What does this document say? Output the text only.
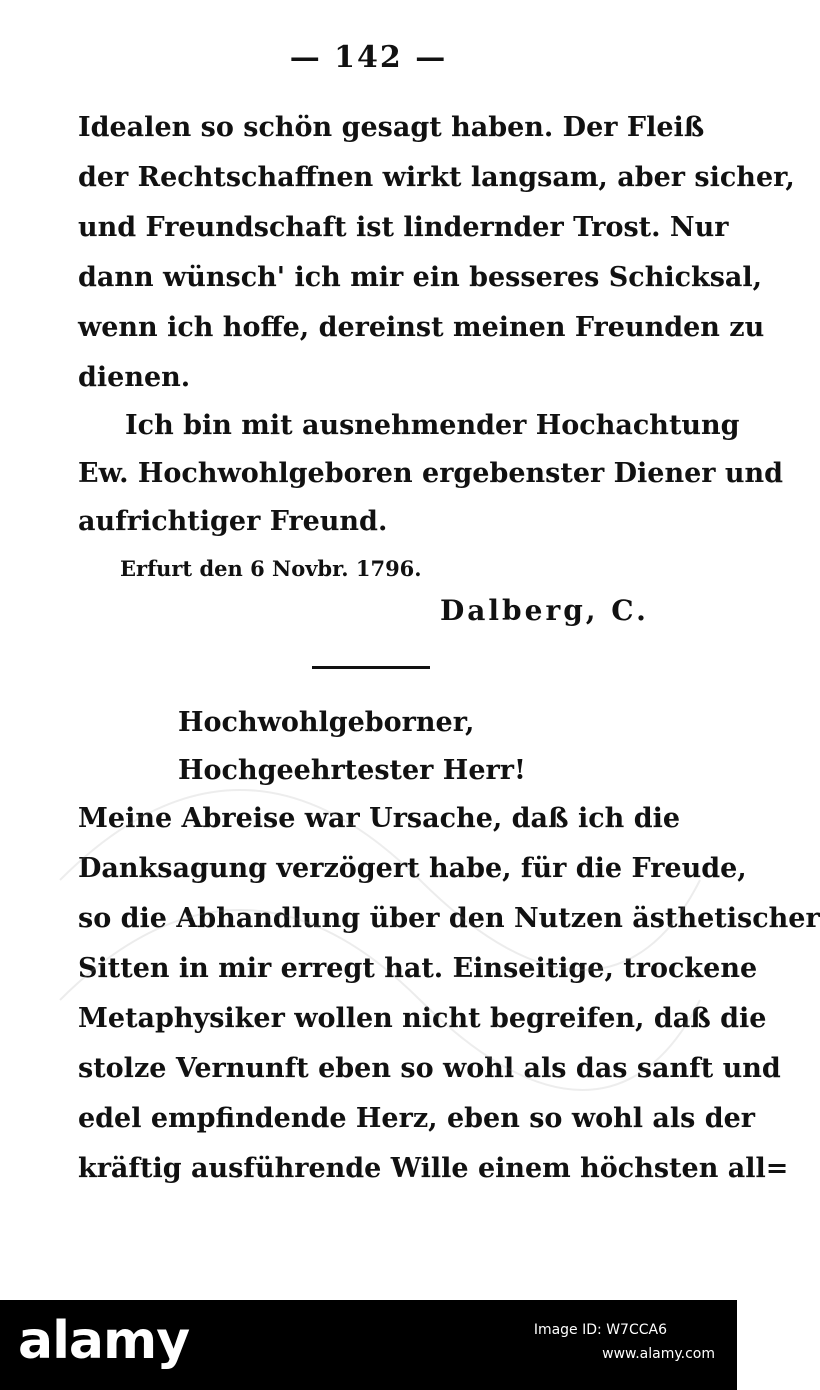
— 142 —
Idealen so schön gesagt haben. Der Fleiß
der Rechtschaffnen wirkt langsam, aber sicher,
und Freundschaft ist lindernder Trost. Nur
dann wünsch' ich mir ein besseres Schicksal,
wenn ich hoffe, dereinst meinen Freunden zu
dienen.
Ich bin mit ausnehmender Hochachtung
Ew. Hochwohlgeboren ergebenster Diener und
aufrichtiger Freund.
Erfurt den 6 Novbr. 1796.
Dalberg, C.
Hochwohlgeborner,
Hochgeehrtester Herr!
Meine Abreise war Ursache, daß ich die
Danksagung verzögert habe, für die Freude,
so die Abhandlung über den Nutzen ästhetischer
Sitten in mir erregt hat. Einseitige, trockene
Metaphysiker wollen nicht begreifen, daß die
stolze Vernunft eben so wohl als das sanft und
edel empfindende Herz, eben so wohl als der
kräftig ausführende Wille einem höchsten all=
alamy	Image ID: W7CCA6
www.alamy.com
